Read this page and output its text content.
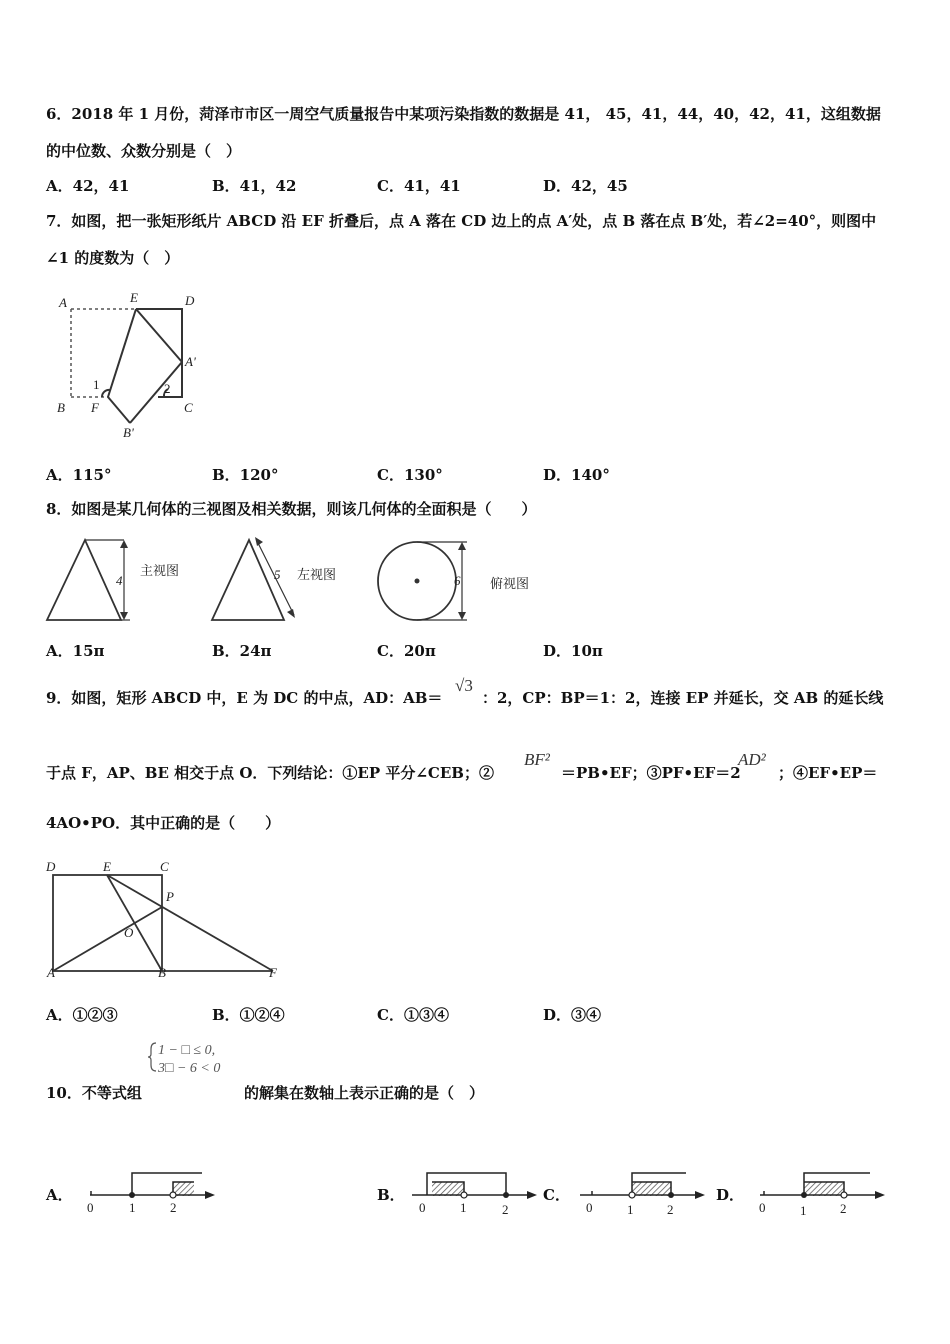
6．2018 年 1 月份，菏泽市市区一周空气质量报告中某项污染指数的数据是 41， 45，41，44，40，42，41，这组数据
的中位数、众数分别是（　）
A．42，41	B．41，42	C．41，41	D．42，45
7．如图，把一张矩形纸片 ABCD 沿 EF 折叠后，点 A 落在 CD 边上的点 A′处，点 B 落在点 B′处，若∠2=40°，则图中
∠1 的度数为（　）
A	E	D
A'
1	2
B F	C
B'
A．115°	B．120°	C．130°	D．140°
8．如图是某几何体的三视图及相关数据，则该几何体的全面积是（　　）
4
主视图	5 左视图	6 俯视图
A．15π	B．24π	C．20π	D．10π
9．如图，矩形 ABCD 中，E 为 DC 的中点，AD：AB＝
√3
：2，CP：BP＝1：2，连接 EP 并延长，交 AB 的延长线
于点 F，AP、BE 相交于点 O．下列结论：①EP 平分∠CEB；②
BF²
＝PB•EF；③PF•EF＝2
AD²
；④EF•EP＝
4AO•PO．其中正确的是（　　）
D	E	C
P
O
A	B	F
A．①②③	B．①②④	C．①③④	D．③④
1 − □ ≤ 0,
3□ − 6 < 0
10．不等式组	的解集在数轴上表示正确的是（　）
A．
0	1	2
B．
0	1	2
C．
0	1	2
D．
0	1	2
